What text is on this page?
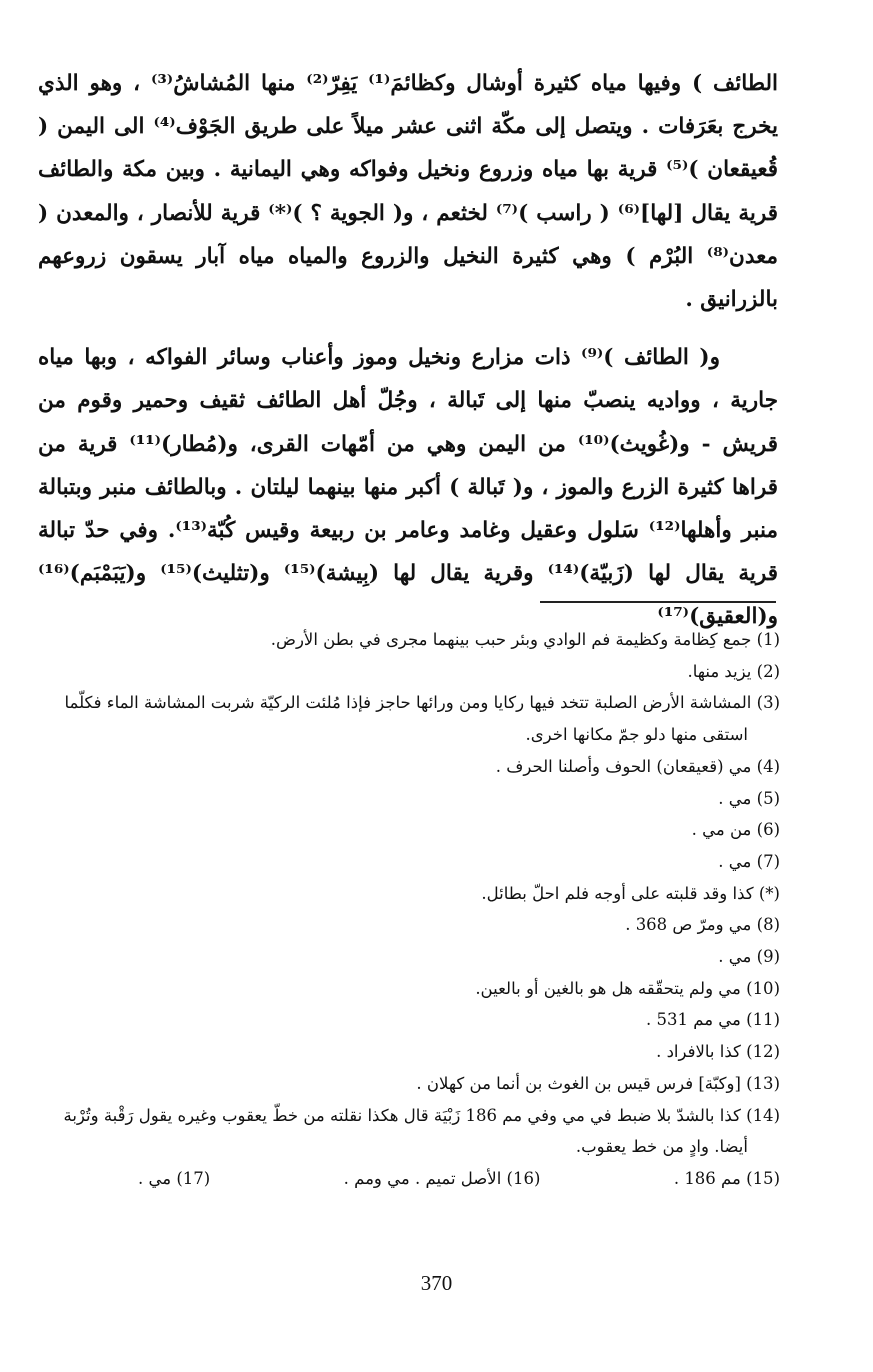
الطائف ) وفيها مياه كثيرة أوشال وكظائمَ⁽¹⁾ يَفِرّ⁽²⁾ منها المُشاشُ⁽³⁾ ، وهو الذي يخرج بعَرَفات . ويتصل إلى مكّة اثنى عشر ميلاً على طريق الجَوْف⁽⁴⁾ الى اليمن ( قُعيقعان )⁽⁵⁾ قرية بها مياه وزروع ونخيل وفواكه وهي اليمانية . وبين مكة والطائف قرية يقال [لها]⁽⁶⁾ ( راسب )⁽⁷⁾ لخثعم ، و( الجوية ؟ )⁽*⁾ قرية للأنصار ، والمعدن ( معدن⁽⁸⁾ البُرْم ) وهي كثيرة النخيل والزروع والمياه مياه آبار يسقون زروعهم بالزرانيق .

و( الطائف )⁽⁹⁾ ذات مزارع ونخيل وموز وأعناب وسائر الفواكه ، وبها مياه جارية ، وواديه ينصبّ منها إلى تَبالة ، وجُلّ أهل الطائف ثقيف وحمير وقوم من قريش - و(غُويث)⁽¹⁰⁾ من اليمن وهي من أمّهات القرى، و(مُطار)⁽¹¹⁾ قرية من قراها كثيرة الزرع والموز ، و( تَبالة ) أكبر منها بينهما ليلتان . وبالطائف منبر وبتبالة منبر وأهلها⁽¹²⁾ سَلول وعقيل وغامد وعامر بن ربيعة وقيس كُبّة⁽¹³⁾. وفي حدّ تبالة قرية يقال لها (زَبيّة)⁽¹⁴⁾ وقرية يقال لها (بِيشة)⁽¹⁵⁾ و(تثليث)⁽¹⁵⁾ و(يَبَمْبَم)⁽¹⁶⁾ و(العقيق)⁽¹⁷⁾

(1) جمع كِظامة وكظيمة فم الوادي وبئر حبب بينهما مجرى في بطن الأرض.

(2) يزيد منها.

(3) المشاشة الأرض الصلبة تتخد فيها ركايا ومن ورائها حاجز فإذا مُلئت الركيّة شربت المشاشة الماء فكلّما استقى منها دلو جمّ مكانها اخرى.

(4) مي (قعيقعان) الحوف وأصلنا الحرف .

(5) مي .

(6) من مي .

(7) مي .

(*) كذا وقد قلبته على أوجه فلم احلّ بطائل.

(8) مي ومرّ ص 368 .

(9) مي .

(10) مي ولم يتحقّقه هل هو بالغين أو بالعين.

(11) مي مم 531 .

(12) كذا بالافراد .

(13) [وكبّة] فرس قيس بن الغوث بن أنما من كهلان .

(14) كذا بالشدّ بلا ضبط في مي وفي مم 186 زَبْيَة قال هكذا نقلته من خطّ يعقوب وغيره يقول رَقْبة وتُرْبة أيضا. وادٍ من خط يعقوب.

(15) مم 186 .
(16) الأصل تميم . مي ومم .
(17) مي .
370
